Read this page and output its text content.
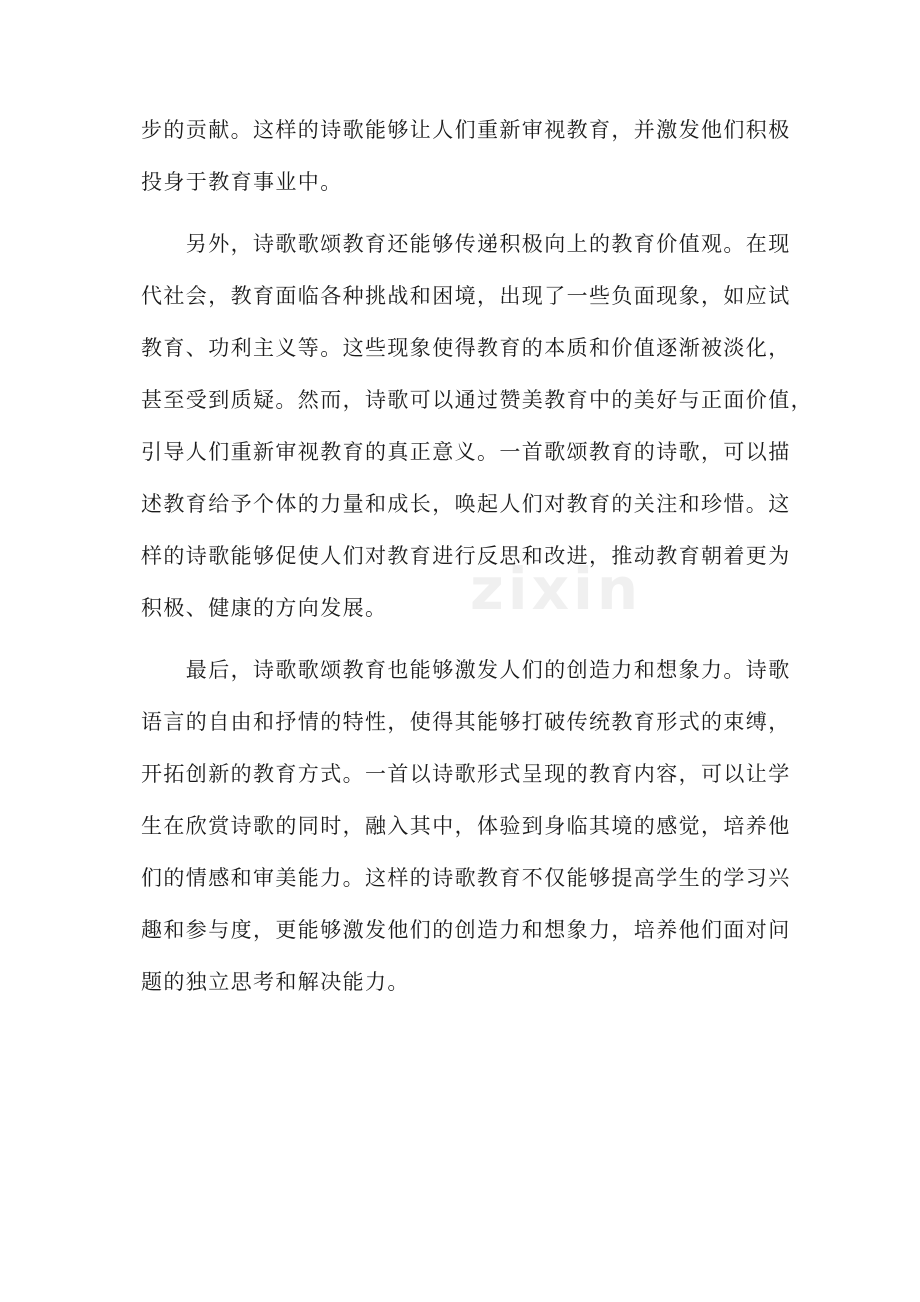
步的贡献。这样的诗歌能够让人们重新审视教育，并激发他们积极
投身于教育事业中。

　　另外，诗歌歌颂教育还能够传递积极向上的教育价值观。在现
代社会，教育面临各种挑战和困境，出现了一些负面现象，如应试
教育、功利主义等。这些现象使得教育的本质和价值逐渐被淡化，
甚至受到质疑。然而，诗歌可以通过赞美教育中的美好与正面价值，
引导人们重新审视教育的真正意义。一首歌颂教育的诗歌，可以描
述教育给予个体的力量和成长，唤起人们对教育的关注和珍惜。这
样的诗歌能够促使人们对教育进行反思和改进，推动教育朝着更为
积极、健康的方向发展。

　　最后，诗歌歌颂教育也能够激发人们的创造力和想象力。诗歌
语言的自由和抒情的特性，使得其能够打破传统教育形式的束缚，
开拓创新的教育方式。一首以诗歌形式呈现的教育内容，可以让学
生在欣赏诗歌的同时，融入其中，体验到身临其境的感觉，培养他
们的情感和审美能力。这样的诗歌教育不仅能够提高学生的学习兴
趣和参与度，更能够激发他们的创造力和想象力，培养他们面对问
题的独立思考和解决能力。

zixin
